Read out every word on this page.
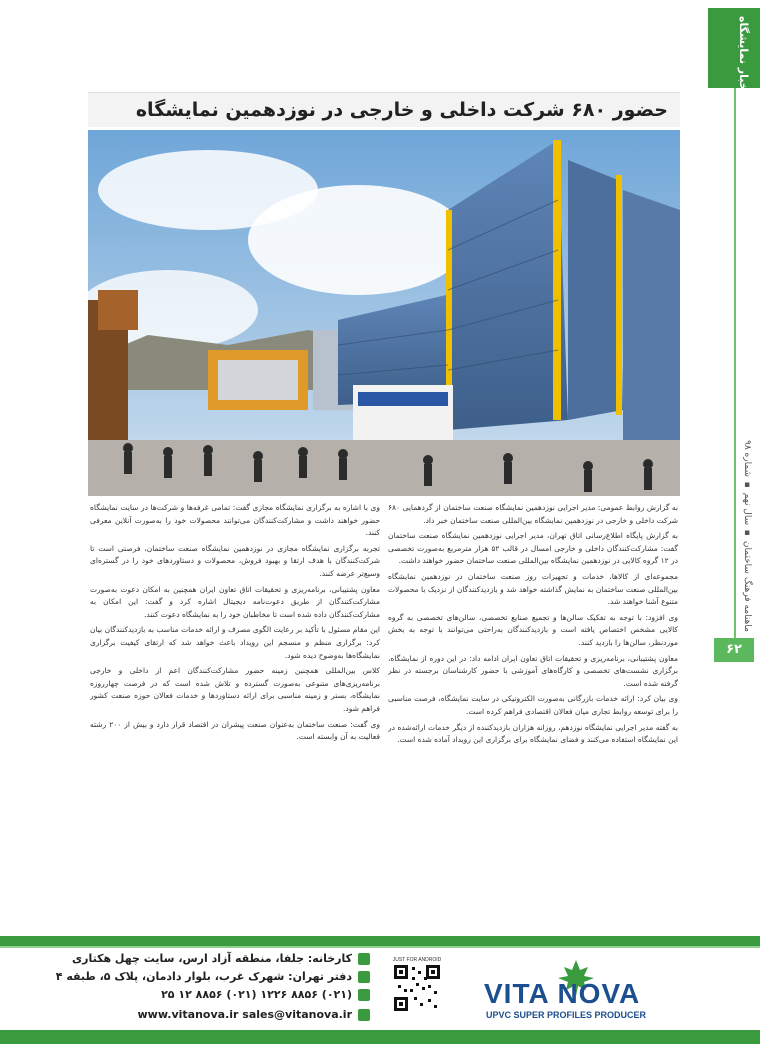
اخبار نمایشگاه
ماهنامه فرهنگ ساختمان ▪ سال نهم ▪ شماره ۹۸
۶۲
حضور ۶۸۰ شرکت داخلی و خارجی در نوزدهمین نمایشگاه

به گزارش روابط عمومی: مدیر اجرایی نوزدهمین نمایشگاه صنعت ساختمان از گردهمایی ۶۸۰ شرکت داخلی و خارجی در نوزدهمین نمایشگاه بین‌المللی صنعت ساختمان خبر داد.

به گزارش پایگاه اطلاع‌رسانی اتاق تهران، مدیر اجرایی نوزدهمین نمایشگاه صنعت ساختمان گفت: مشارکت‌کنندگان داخلی و خارجی امسال در قالب ۵۲ هزار مترمربع به‌صورت تخصصی در ۱۲ گروه کالایی در نوزدهمین نمایشگاه بین‌المللی صنعت ساختمان حضور خواهند داشت.

مجموعه‌ای از کالاها، خدمات و تجهیزات روز صنعت ساختمان در نوزدهمین نمایشگاه بین‌المللی صنعت ساختمان به نمایش گذاشته خواهد شد و بازدیدکنندگان از نزدیک با محصولات متنوع آشنا خواهند شد.

وی افزود: با توجه به تفکیک سالن‌ها و تجمیع صنایع تخصصی، سالن‌های تخصصی به گروه کالایی مشخص اختصاص یافته است و بازدیدکنندگان به‌راحتی می‌توانند با توجه به بخش موردنظر، سالن‌ها را بازدید کنند.

معاون پشتیبانی، برنامه‌ریزی و تحقیقات اتاق تعاون ایران ادامه داد: در این دوره از نمایشگاه، برگزاری نشست‌های تخصصی و کارگاه‌های آموزشی با حضور کارشناسان برجسته در نظر گرفته شده است.

وی بیان کرد: ارائه خدمات بازرگانی به‌صورت الکترونیکی در سایت نمایشگاه، فرصت مناسبی را برای توسعه روابط تجاری میان فعالان اقتصادی فراهم کرده است.

به گفته مدیر اجرایی نمایشگاه نوزدهم، روزانه هزاران بازدیدکننده از دیگر خدمات ارائه‌شده در این نمایشگاه استفاده می‌کنند و فضای نمایشگاه برای برگزاری این رویداد آماده شده است.

وی با اشاره به برگزاری نمایشگاه مجازی گفت: تمامی غرفه‌ها و شرکت‌ها در سایت نمایشگاه حضور خواهند داشت و مشارکت‌کنندگان می‌توانند محصولات خود را به‌صورت آنلاین معرفی کنند.

تجربه برگزاری نمایشگاه مجازی در نوزدهمین نمایشگاه صنعت ساختمان، فرصتی است تا شرکت‌کنندگان با هدف ارتقا و بهبود فروش، محصولات و دستاوردهای خود را در گستره‌ای وسیع‌تر عرضه کنند.

معاون پشتیبانی، برنامه‌ریزی و تحقیقات اتاق تعاون ایران همچنین به امکان دعوت به‌صورت مشارکت‌کنندگان از طریق دعوت‌نامه دیجیتال اشاره کرد و گفت: این امکان به مشارکت‌کنندگان داده شده است تا مخاطبان خود را به نمایشگاه دعوت کنند.

این مقام مسئول با تأکید بر رعایت الگوی مصرف و ارائه خدمات مناسب به بازدیدکنندگان بیان کرد: برگزاری منظم و منسجم این رویداد باعث خواهد شد که ارتقای کیفیت برگزاری نمایشگاه‌ها به‌وضوح دیده شود.

کلاس بین‌المللی همچنین زمینه حضور مشارکت‌کنندگان اعم از داخلی و خارجی برنامه‌ریزی‌های متنوعی به‌صورت گسترده و تلاش شده است که در فرصت چهارروزه نمایشگاه، بستر و زمینه مناسبی برای ارائه دستاوردها و خدمات فعالان حوزه صنعت کشور فراهم شود.

وی گفت: صنعت ساختمان به‌عنوان صنعت پیشران در اقتصاد قرار دارد و بیش از ۲۰۰ رشته فعالیت به آن وابسته است.

کارخانه: جلفا، منطقه آزاد ارس، سایت چهل هکتاری
دفتر تهران: شهرک غرب، بلوار دادمان، پلاک ۵، طبقه ۴
(۰۲۱) ۸۸۵۶ ۱۲۲۶ (۰۲۱) ۸۸۵۶ ۱۲ ۲۵
www.vitanova.ir sales@vitanova.ir
JUST FOR ANDROID
VITA NOVA
UPVC SUPER PROFILES PRODUCER
